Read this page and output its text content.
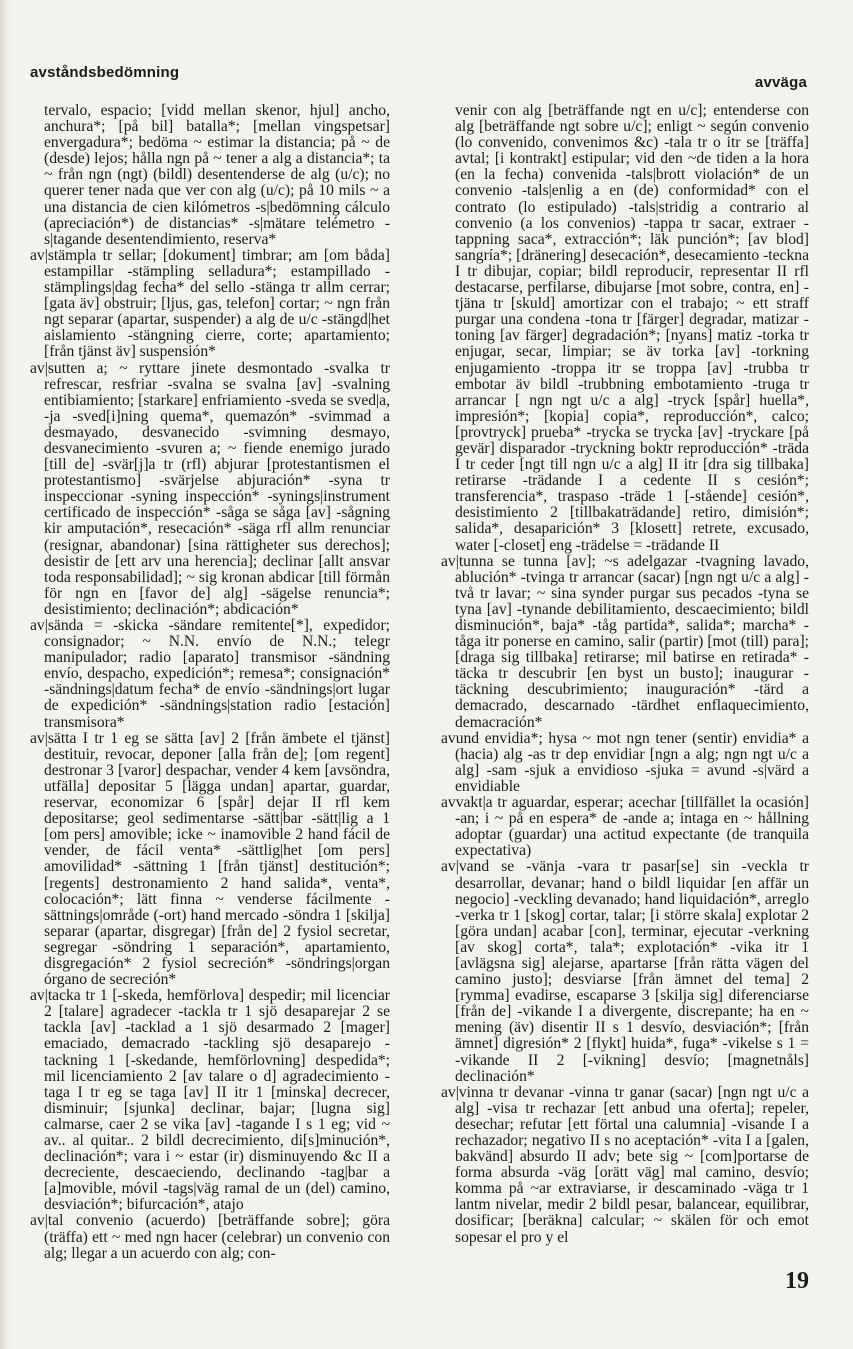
avståndsbedömning
avväga

tervalo, espacio; [vidd mellan skenor, hjul] ancho, anchura*; [på bil] batalla*; [mellan vingspetsar] envergadura*; bedöma ~ estimar la distancia; på ~ de (desde) lejos; hålla ngn på ~ tener a alg a distancia*; ta ~ från ngn (ngt) (bildl) desentenderse de alg (u/c); no querer tener nada que ver con alg (u/c); på 10 mils ~ a una distancia de cien kilómetros -s|bedömning cálculo (apreciación*) de distancias* -s|mätare telémetro -s|tagande desentendimiento, reserva*

av|stämpla tr sellar; [dokument] timbrar; am [om båda] estampillar -stämpling selladura*; estampillado -stämplings|dag fecha* del sello -stänga tr allm cerrar; [gata äv] obstruir; [ljus, gas, telefon] cortar; ~ ngn från ngt separar (apartar, suspender) a alg de u/c -stängd|het aislamiento -stängning cierre, corte; apartamiento; [från tjänst äv] suspensión*

av|sutten a; ~ ryttare jinete desmontado -svalka tr refrescar, resfriar -svalna se svalna [av] -svalning entibiamiento; [starkare] enfriamiento -sveda se sved|a, -ja -sved[i]ning quema*, quemazón* -svimmad a desmayado, desvanecido -svimning desmayo, desvanecimiento -svuren a; ~ fiende enemigo jurado [till de] -svär[j]a tr (rfl) abjurar [protestantismen el protestantismo] -svärjelse abjuración* -syna tr inspeccionar -syning inspección* -synings|instrument certificado de inspección* -såga se såga [av] -sågning kir amputación*, resecación* -säga rfl allm renunciar (resignar, abandonar) [sina rättigheter sus derechos]; desistir de [ett arv una herencia]; declinar [allt ansvar toda responsabilidad]; ~ sig kronan abdicar [till förmån för ngn en [favor de] alg] -sägelse renuncia*; desistimiento; declinación*; abdicación*

av|sända = -skicka -sändare remitente[*], expedidor; consignador; ~ N.N. envío de N.N.; telegr manipulador; radio [aparato] transmisor -sändning envío, despacho, expedición*; remesa*; consignación* -sändnings|datum fecha* de envío -sändnings|ort lugar de expedición* -sändnings|station radio [estación] transmisora*

av|sätta I tr 1 eg se sätta [av] 2 [från ämbete el tjänst] destituir, revocar, deponer [alla från de]; [om regent] destronar 3 [varor] despachar, vender 4 kem [avsöndra, utfälla] depositar 5 [lägga undan] apartar, guardar, reservar, economizar 6 [spår] dejar II rfl kem depositarse; geol sedimentarse -sätt|bar -sätt|lig a 1 [om pers] amovible; icke ~ inamovible 2 hand fácil de vender, de fácil venta* -sättlig|het [om pers] amovilidad* -sättning 1 [från tjänst] destitución*; [regents] destronamiento 2 hand salida*, venta*, colocación*; lätt finna ~ venderse fácilmente -sättnings|område (-ort) hand mercado -söndra 1 [skilja] separar (apartar, disgregar) [från de] 2 fysiol secretar, segregar -söndring 1 separación*, apartamiento, disgregación* 2 fysiol secreción* -söndrings|organ órgano de secreción*

av|tacka tr 1 [-skeda, hemförlova] despedir; mil licenciar 2 [talare] agradecer -tackla tr 1 sjö desaparejar 2 se tackla [av] -tacklad a 1 sjö desarmado 2 [mager] emaciado, demacrado -tackling sjö desaparejo -tackning 1 [-skedande, hemförlovning] despedida*; mil licenciamiento 2 [av talare o d] agradecimiento -taga I tr eg se taga [av] II itr 1 [minska] decrecer, disminuir; [sjunka] declinar, bajar; [lugna sig] calmarse, caer 2 se vika [av] -tagande I s 1 eg; vid ~ av.. al quitar.. 2 bildl decrecimiento, di[s]minución*, declinación*; vara i ~ estar (ir) disminuyendo &c II a decreciente, descaeciendo, declinando -tag|bar a [a]movible, móvil -tags|väg ramal de un (del) camino, desviación*; bifurcación*, atajo

av|tal convenio (acuerdo) [beträffande sobre]; göra (träffa) ett ~ med ngn hacer (celebrar) un convenio con alg; llegar a un acuerdo con alg; con-

venir con alg [beträffande ngt en u/c]; entenderse con alg [beträffande ngt sobre u/c]; enligt ~ según convenio (lo convenido, convenimos &c) -tala tr o itr se [träffa] avtal; [i kontrakt] estipular; vid den ~de tiden a la hora (en la fecha) convenida -tals|brott violación* de un convenio -tals|enlig a en (de) conformidad* con el contrato (lo estipulado) -tals|stridig a contrario al convenio (a los convenios) -tappa tr sacar, extraer -tappning saca*, extracción*; läk punción*; [av blod] sangría*; [dränering] desecación*, desecamiento -teckna I tr dibujar, copiar; bildl reproducir, representar II rfl destacarse, perfilarse, dibujarse [mot sobre, contra, en] -tjäna tr [skuld] amortizar con el trabajo; ~ ett straff purgar una condena -tona tr [färger] degradar, matizar -toning [av färger] degradación*; [nyans] matiz -torka tr enjugar, secar, limpiar; se äv torka [av] -torkning enjugamiento -troppa itr se troppa [av] -trubba tr embotar äv bildl -trubbning embotamiento -truga tr arrancar [ ngn ngt u/c a alg] -tryck [spår] huella*, impresión*; [kopia] copia*, reproducción*, calco; [provtryck] prueba* -trycka se trycka [av] -tryckare [på gevär] disparador -tryckning boktr reproducción* -träda I tr ceder [ngt till ngn u/c a alg] II itr [dra sig tillbaka] retirarse -trädande I a cedente II s cesión*; transferencia*, traspaso -träde 1 [-stående] cesión*, desistimiento 2 [tillbakaträdande] retiro, dimisión*; salida*, desaparición* 3 [klosett] retrete, excusado, water [-closet] eng -trädelse = -trädande II

av|tunna se tunna [av]; ~s adelgazar -tvagning lavado, ablución* -tvinga tr arrancar (sacar) [ngn ngt u/c a alg] -två tr lavar; ~ sina synder purgar sus pecados -tyna se tyna [av] -tynande debilitamiento, descaecimiento; bildl disminución*, baja* -tåg partida*, salida*; marcha* -tåga itr ponerse en camino, salir (partir) [mot (till) para]; [draga sig tillbaka] retirarse; mil batirse en retirada* -täcka tr descubrir [en byst un busto]; inaugurar -täckning descubrimiento; inauguración* -tärd a demacrado, descarnado -tärdhet enflaquecimiento, demacración*

avund envidia*; hysa ~ mot ngn tener (sentir) envidia* a (hacia) alg -as tr dep envidiar [ngn a alg; ngn ngt u/c a alg] -sam -sjuk a envidioso -sjuka = avund -s|värd a envidiable

avvakt|a tr aguardar, esperar; acechar [tillfället la ocasión] -an; i ~ på en espera* de -ande a; intaga en ~ hållning adoptar (guardar) una actitud expectante (de tranquila expectativa)

av|vand se -vänja -vara tr pasar[se] sin -veckla tr desarrollar, devanar; hand o bildl liquidar [en affär un negocio] -veckling devanado; hand liquidación*, arreglo -verka tr 1 [skog] cortar, talar; [i större skala] explotar 2 [göra undan] acabar [con], terminar, ejecutar -verkning [av skog] corta*, tala*; explotación* -vika itr 1 [avlägsna sig] alejarse, apartarse [från rätta vägen del camino justo]; desviarse [från ämnet del tema] 2 [rymma] evadirse, escaparse 3 [skilja sig] diferenciarse [från de] -vikande I a divergente, discrepante; ha en ~ mening (äv) disentir II s 1 desvío, desviación*; [från ämnet] digresión* 2 [flykt] huida*, fuga* -vikelse s 1 = -vikande II 2 [-vikning] desvío; [magnetnåls] declinación*

av|vinna tr devanar -vinna tr ganar (sacar) [ngn ngt u/c a alg] -visa tr rechazar [ett anbud una oferta]; repeler, desechar; refutar [ett förtal una calumnia] -visande I a rechazador; negativo II s no aceptación* -vita I a [galen, bakvänd] absurdo II adv; bete sig ~ [com]portarse de forma absurda -väg [orätt väg] mal camino, desvío; komma på ~ar extraviarse, ir descaminado -väga tr 1 lantm nivelar, medir 2 bildl pesar, balancear, equilibrar, dosificar; [beräkna] calcular; ~ skälen för och emot sopesar el pro y el

19
